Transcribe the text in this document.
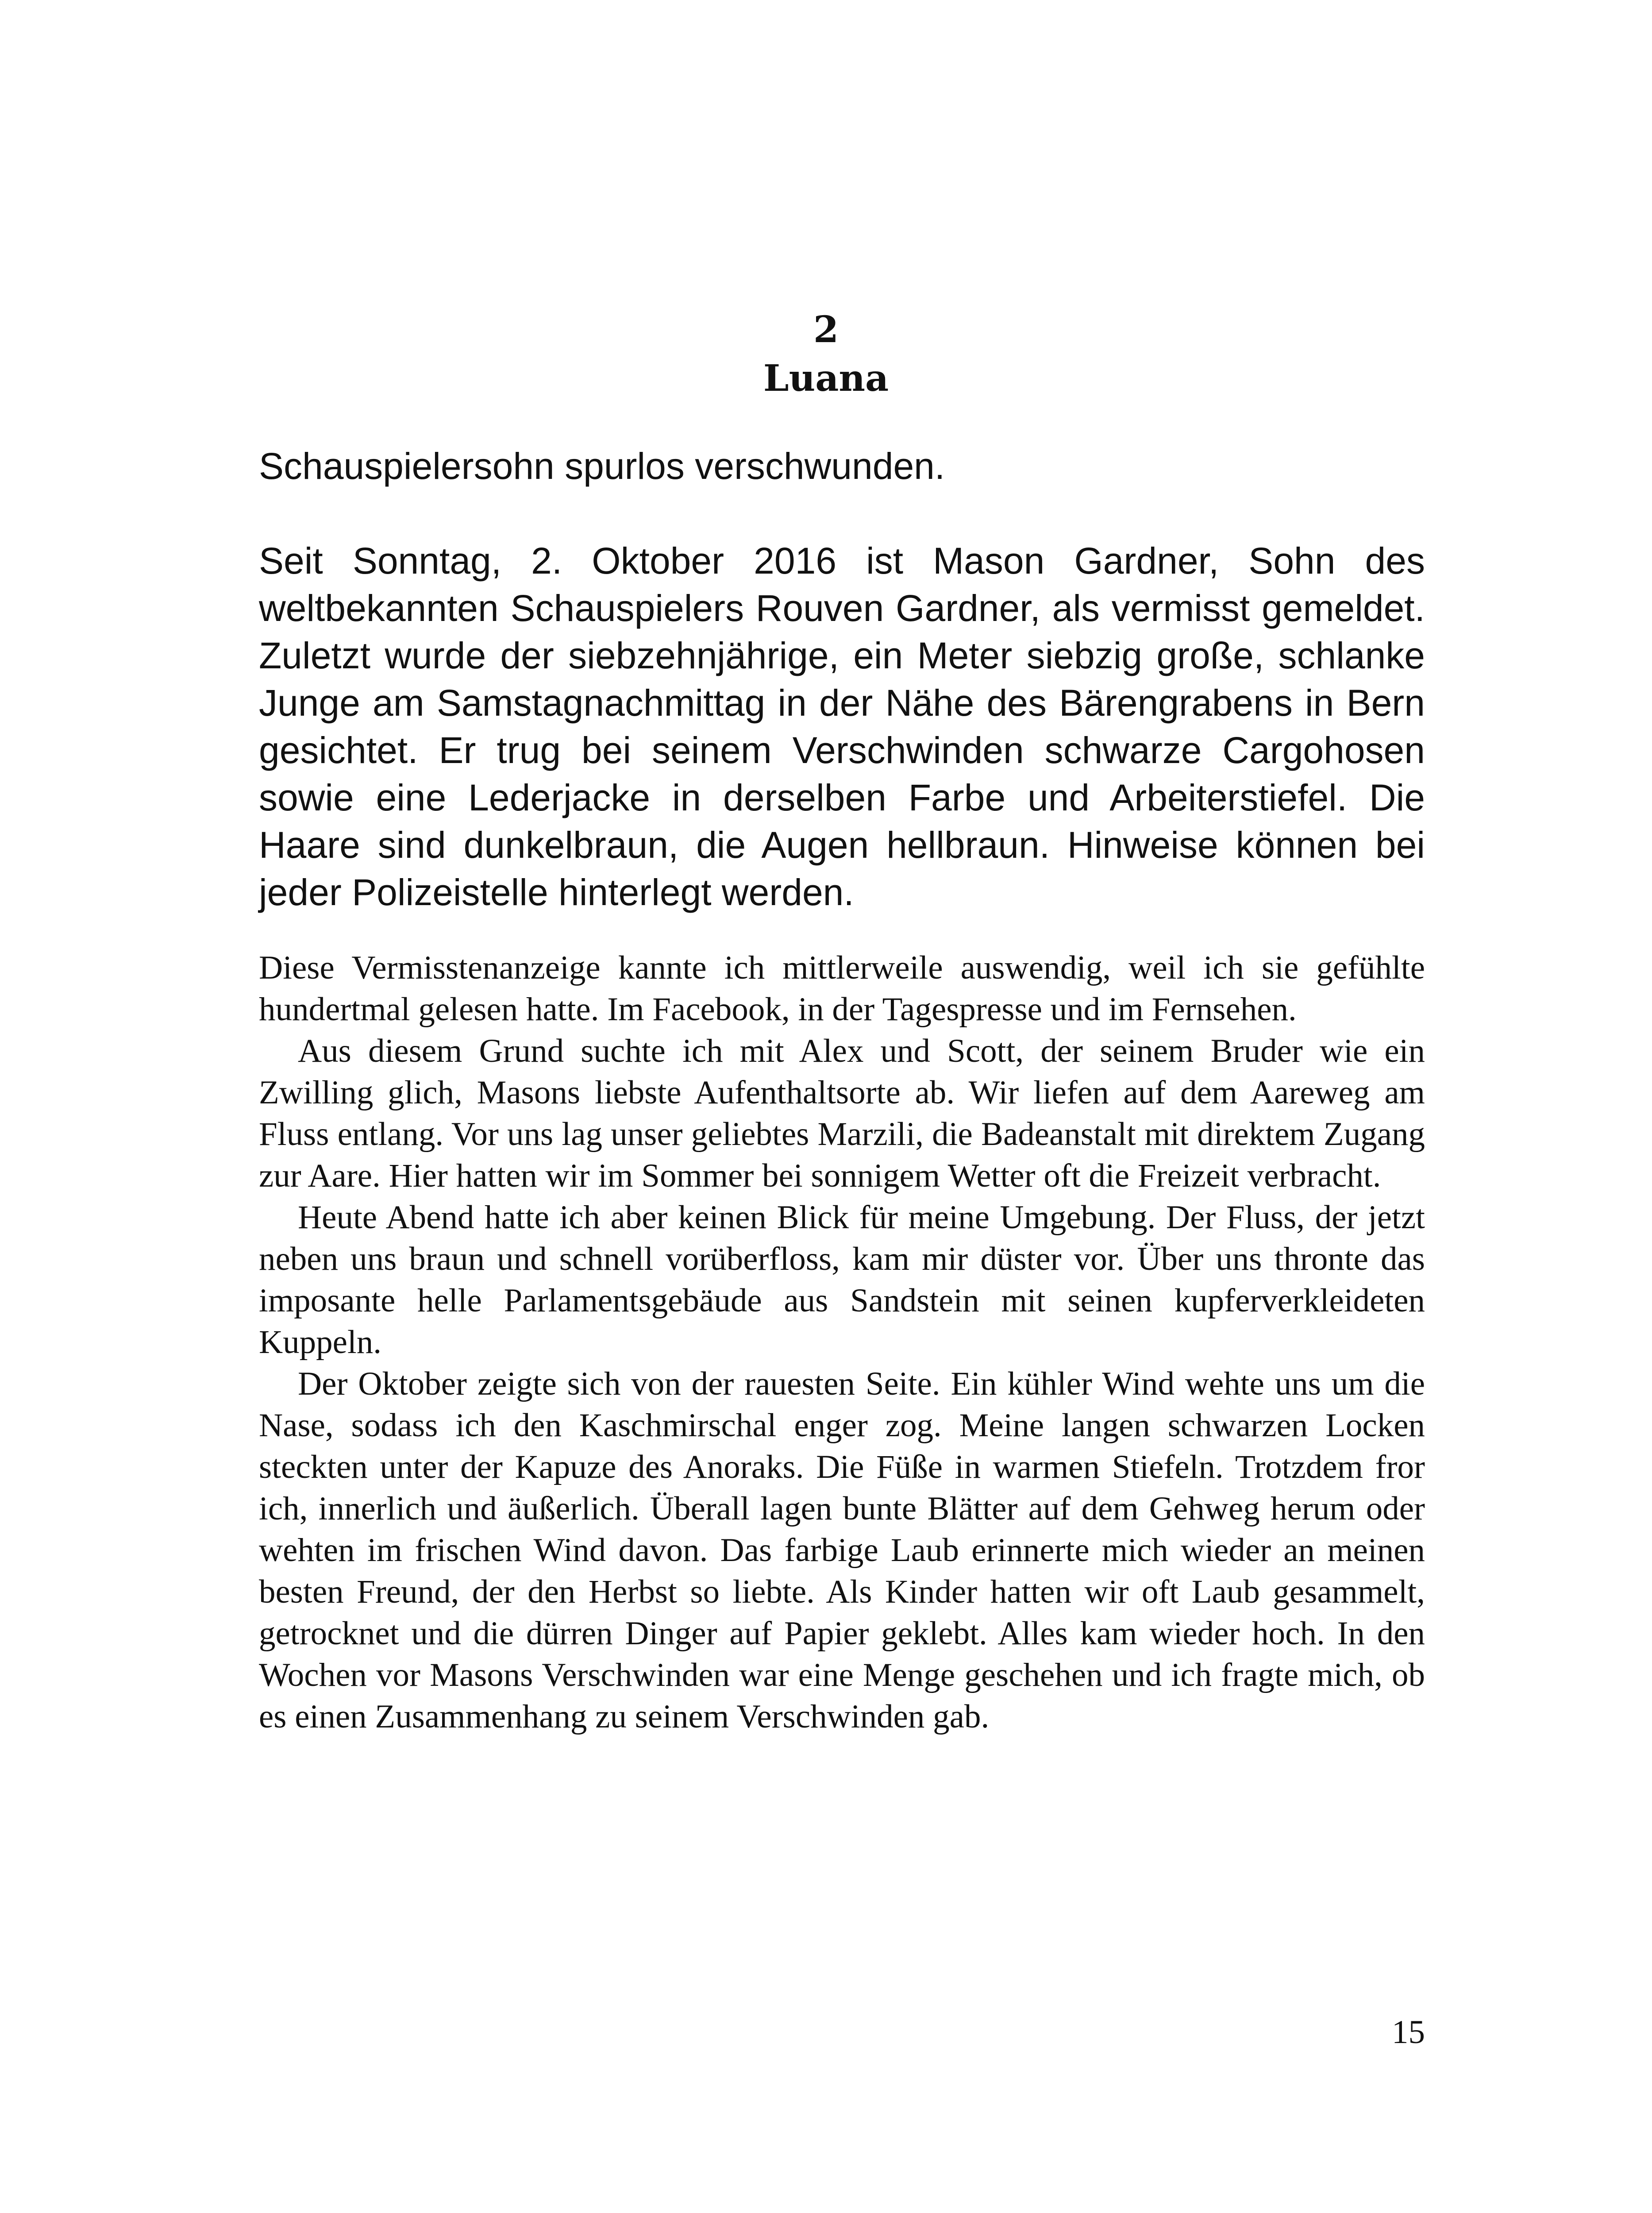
2
Luana

Schauspielersohn spurlos verschwunden.

Seit Sonntag, 2. Oktober 2016 ist Mason Gardner, Sohn des weltbekannten Schauspielers Rouven Gardner, als vermisst gemeldet. Zuletzt wurde der siebzehnjährige, ein Meter siebzig große, schlanke Junge am Samstagnachmittag in der Nähe des Bärengrabens in Bern gesichtet. Er trug bei seinem Verschwinden schwarze Cargohosen sowie eine Lederjacke in derselben Farbe und Arbeiterstiefel. Die Haare sind dunkelbraun, die Augen hellbraun. Hinweise können bei jeder Polizeistelle hinterlegt werden.

Diese Vermisstenanzeige kannte ich mittlerweile auswendig, weil ich sie gefühlte hundertmal gelesen hatte. Im Facebook, in der Tagespresse und im Fernsehen.

Aus diesem Grund suchte ich mit Alex und Scott, der seinem Bruder wie ein Zwilling glich, Masons liebste Aufenthaltsorte ab. Wir liefen auf dem Aareweg am Fluss entlang. Vor uns lag unser geliebtes Marzili, die Badeanstalt mit direktem Zugang zur Aare. Hier hatten wir im Sommer bei sonnigem Wetter oft die Freizeit verbracht.

Heute Abend hatte ich aber keinen Blick für meine Umgebung. Der Fluss, der jetzt neben uns braun und schnell vorüberfloss, kam mir düster vor. Über uns thronte das imposante helle Parlamentsgebäude aus Sandstein mit seinen kupferverkleideten Kuppeln.

Der Oktober zeigte sich von der rauesten Seite. Ein kühler Wind wehte uns um die Nase, sodass ich den Kaschmirschal enger zog. Meine langen schwarzen Locken steckten unter der Kapuze des Anoraks. Die Füße in warmen Stiefeln. Trotzdem fror ich, innerlich und äußerlich. Überall lagen bunte Blätter auf dem Gehweg herum oder wehten im frischen Wind davon. Das farbige Laub erinnerte mich wieder an meinen besten Freund, der den Herbst so liebte. Als Kinder hatten wir oft Laub gesammelt, getrocknet und die dürren Dinger auf Papier geklebt. Alles kam wieder hoch. In den Wochen vor Masons Verschwinden war eine Menge geschehen und ich fragte mich, ob es einen Zusammenhang zu seinem Verschwinden gab.

15
